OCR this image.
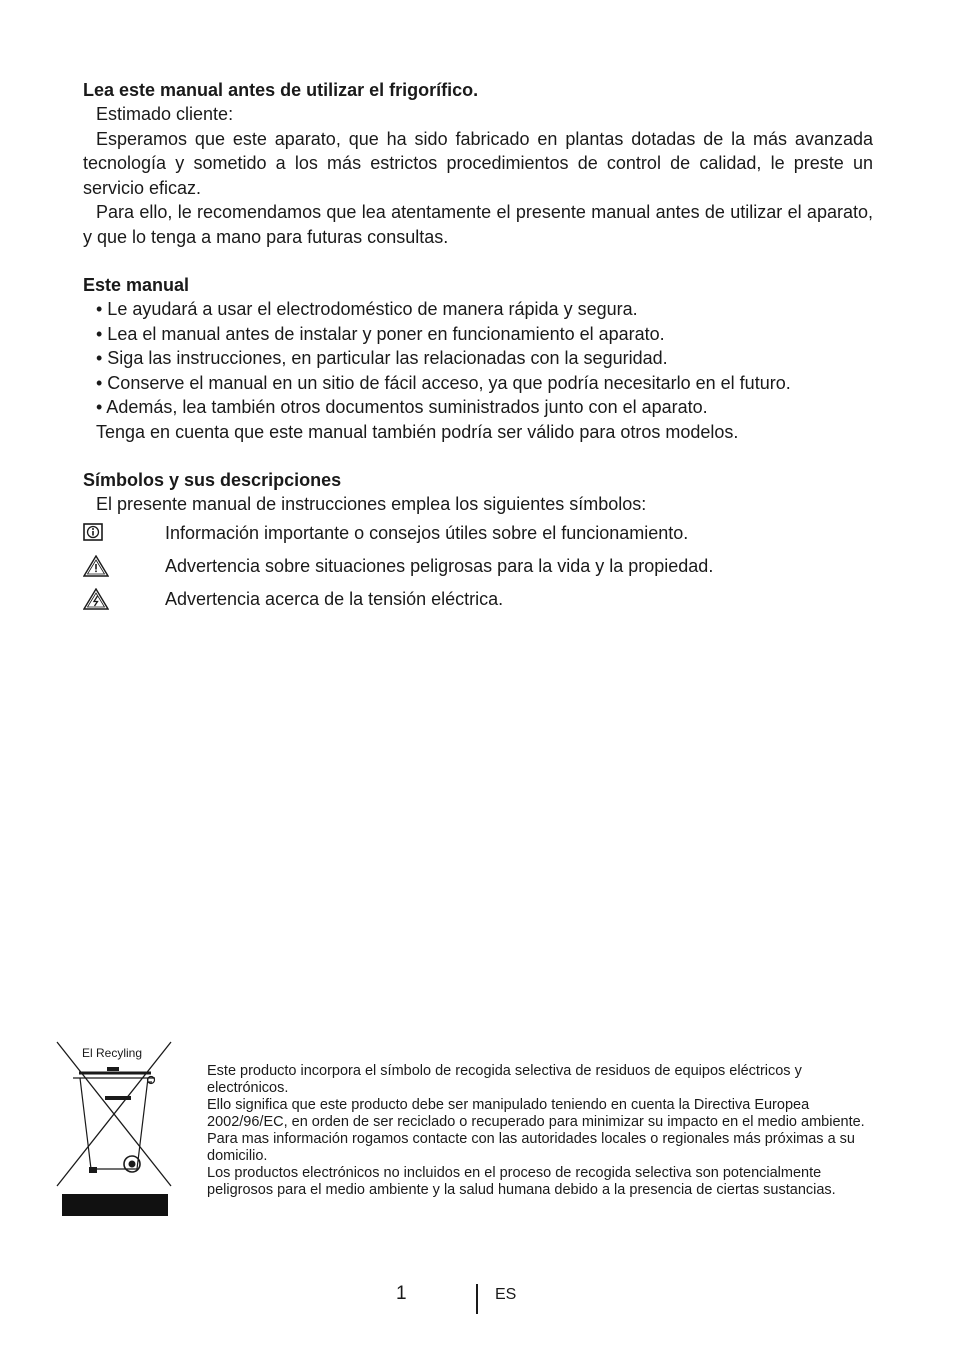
Lea este manual antes de utilizar el frigorífico.

Estimado cliente:

Esperamos que este aparato, que ha sido fabricado en plantas dotadas de la más avanzada tecnología y sometido a los más estrictos procedimientos de control de calidad, le preste un servicio eficaz.

Para ello, le recomendamos que lea atentamente el presente manual antes de utilizar el aparato, y que lo tenga a mano para futuras consultas.

Este manual

• Le ayudará a usar el electrodoméstico de manera rápida y segura.
• Lea el manual antes de instalar y poner en funcionamiento el aparato.
• Siga las instrucciones, en particular las relacionadas con la seguridad.
• Conserve el manual en un sitio de fácil acceso, ya que podría necesitarlo en el futuro.
• Además, lea también otros documentos suministrados junto con el aparato.

Tenga en cuenta que este manual también podría ser válido para otros modelos.

Símbolos y sus descripciones

El presente manual de instrucciones emplea los siguientes símbolos:

Información importante o consejos útiles sobre el funcionamiento.
Advertencia sobre situaciones peligrosas para la vida y la propiedad.
Advertencia acerca de la tensión eléctrica.
El Recyling

Este producto incorpora el símbolo de recogida selectiva de residuos de equipos eléctricos y electrónicos.

Ello significa que este producto debe ser manipulado teniendo en cuenta la Directiva Europea 2002/96/EC, en orden de ser reciclado o recuperado para minimizar su impacto en el medio ambiente. Para mas información rogamos contacte con las autoridades locales o regionales más próximas a su domicilio.

Los productos electrónicos no incluidos en el proceso de recogida selectiva son potencialmente peligrosos para el medio ambiente y la salud humana debido a la presencia de ciertas sustancias.

1	ES
